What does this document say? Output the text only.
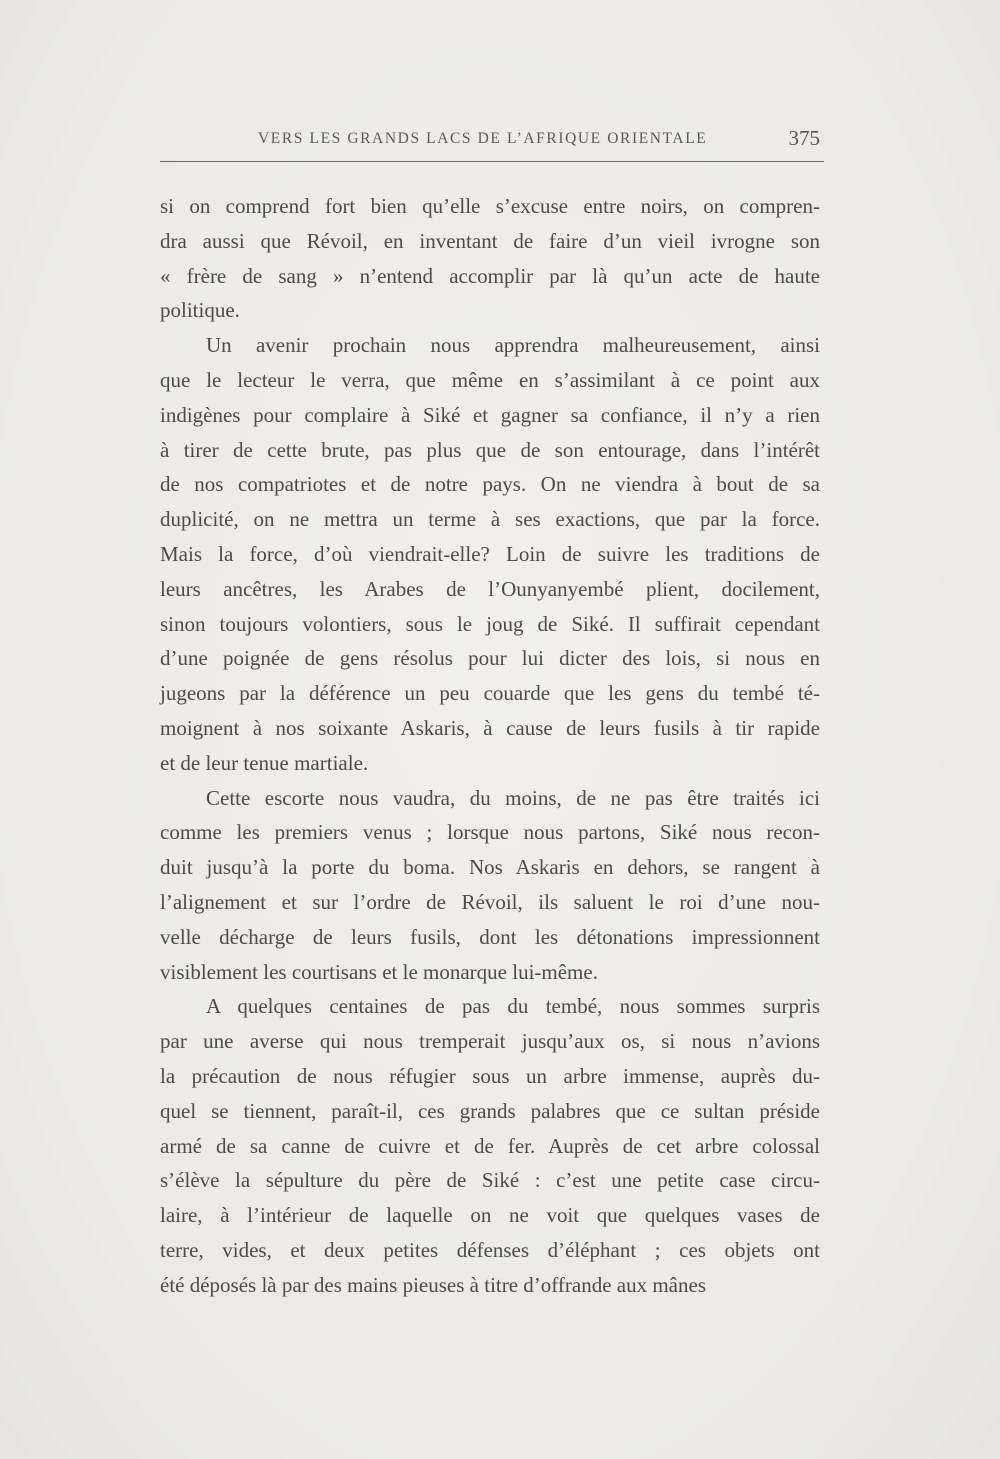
VERS LES GRANDS LACS DE L’AFRIQUE ORIENTALE	375
si on comprend fort bien qu’elle s’excuse entre noirs, on compren-
dra aussi que Révoil, en inventant de faire d’un vieil ivrogne son
« frère de sang » n’entend accomplir par là qu’un acte de haute
politique.
Un avenir prochain nous apprendra malheureusement, ainsi
que le lecteur le verra, que même en s’assimilant à ce point aux
indigènes pour complaire à Siké et gagner sa confiance, il n’y a rien
à tirer de cette brute, pas plus que de son entourage, dans l’intérêt
de nos compatriotes et de notre pays. On ne viendra à bout de sa
duplicité, on ne mettra un terme à ses exactions, que par la force.
Mais la force, d’où viendrait-elle? Loin de suivre les traditions de
leurs ancêtres, les Arabes de l’Ounyanyembé plient, docilement,
sinon toujours volontiers, sous le joug de Siké. Il suffirait cependant
d’une poignée de gens résolus pour lui dicter des lois, si nous en
jugeons par la déférence un peu couarde que les gens du tembé té-
moignent à nos soixante Askaris, à cause de leurs fusils à tir rapide
et de leur tenue martiale.
Cette escorte nous vaudra, du moins, de ne pas être traités ici
comme les premiers venus ; lorsque nous partons, Siké nous recon-
duit jusqu’à la porte du boma. Nos Askaris en dehors, se rangent à
l’alignement et sur l’ordre de Révoil, ils saluent le roi d’une nou-
velle décharge de leurs fusils, dont les détonations impressionnent
visiblement les courtisans et le monarque lui-même.
A quelques centaines de pas du tembé, nous sommes surpris
par une averse qui nous tremperait jusqu’aux os, si nous n’avions
la précaution de nous réfugier sous un arbre immense, auprès du-
quel se tiennent, paraît-il, ces grands palabres que ce sultan préside
armé de sa canne de cuivre et de fer. Auprès de cet arbre colossal
s’élève la sépulture du père de Siké : c’est une petite case circu-
laire, à l’intérieur de laquelle on ne voit que quelques vases de
terre, vides, et deux petites défenses d’éléphant ; ces objets ont
été déposés là par des mains pieuses à titre d’offrande aux mânes
